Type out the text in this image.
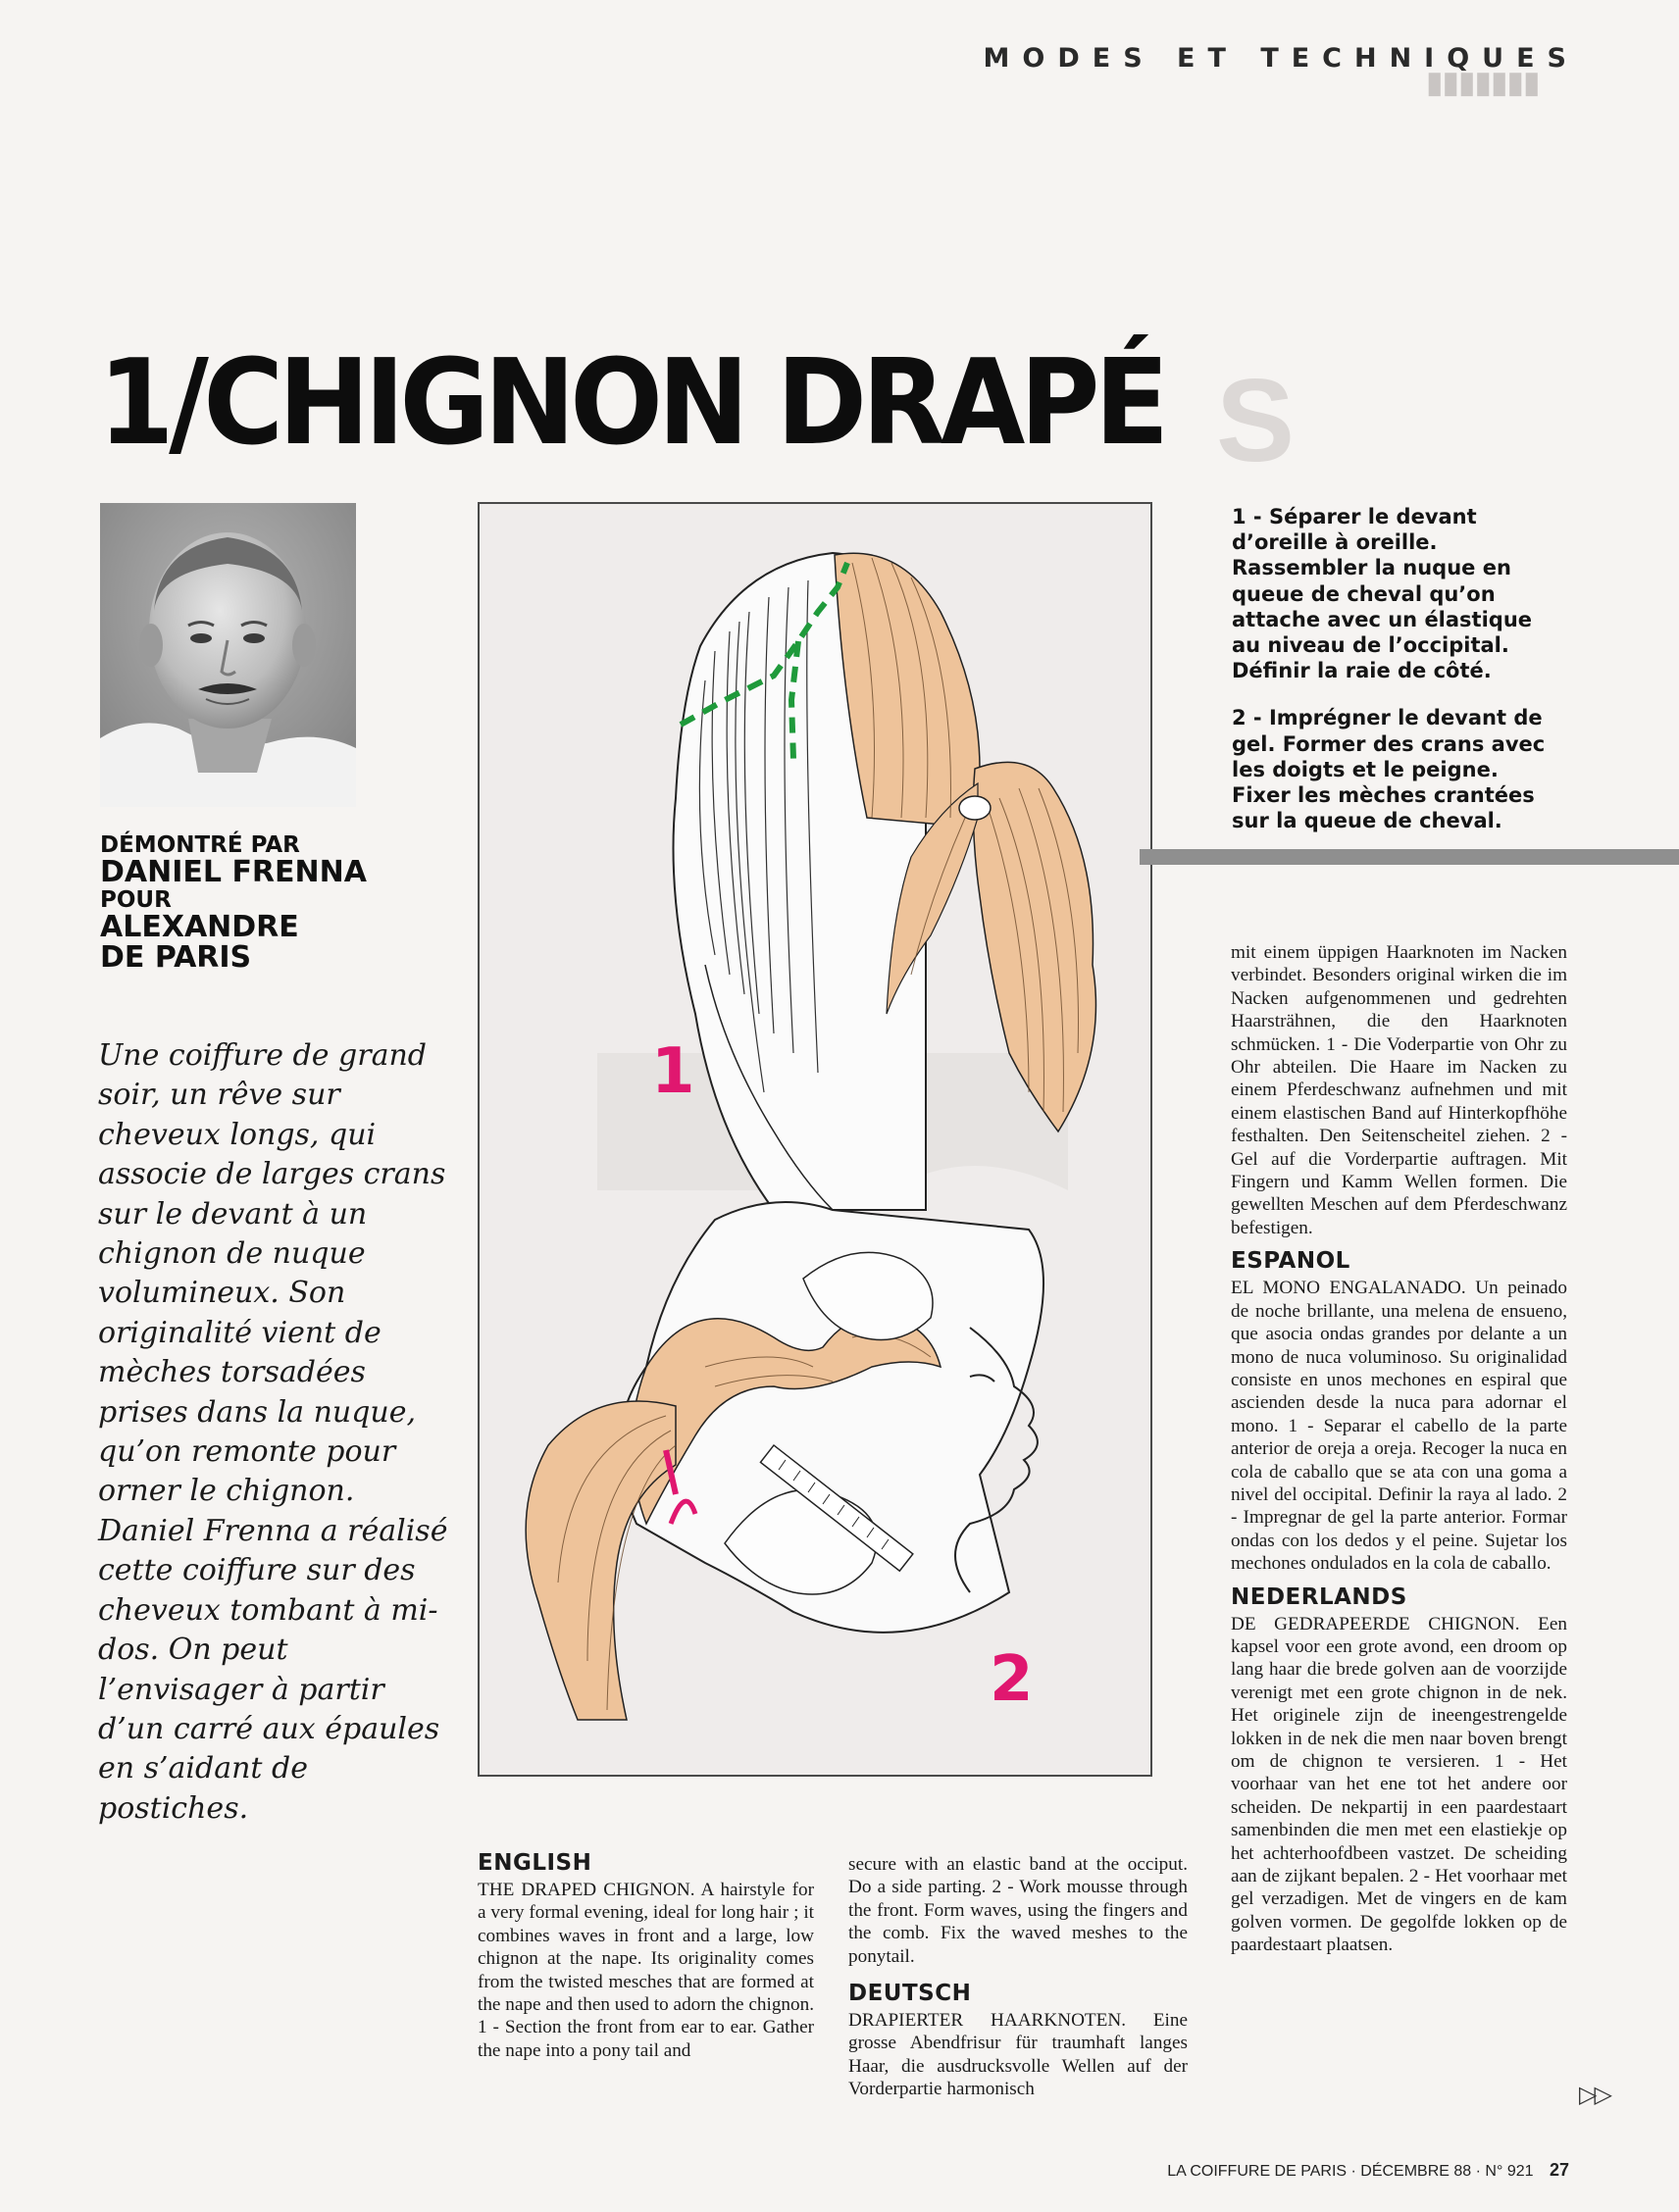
▮▮▮▮▮▮▮
S
MODES ET TECHNIQUES
1/CHIGNON DRAPÉ
DÉMONTRÉ PAR
DANIEL FRENNA
POUR
ALEXANDRE
DE PARIS
Une coiffure de grand soir, un rêve sur cheveux longs, qui associe de larges crans sur le devant à un chignon de nuque volumineux. Son originalité vient de mèches torsadées prises dans la nuque, qu’on remonte pour orner le chignon. Daniel Frenna a réalisé cette coiffure sur des cheveux tombant à mi-dos. On peut l’envisager à partir d’un carré aux épaules en s’aidant de postiches.
1
2

1 - Séparer le devant d’oreille à oreille. Rassembler la nuque en queue de cheval qu’on attache avec un élastique au niveau de l’occipital. Définir la raie de côté.

2 - Imprégner le devant de gel. Former des crans avec les doigts et le peigne. Fixer les mèches crantées sur la queue de cheval.

mit einem üppigen Haarknoten im Nacken verbindet. Besonders original wirken die im Nacken aufgenommenen und gedrehten Haarsträhnen, die den Haarknoten schmücken. 1 - Die Voderpartie von Ohr zu Ohr abteilen. Die Haare im Nacken zu einem Pferdeschwanz aufnehmen und mit einem elastischen Band auf Hinterkopfhöhe festhalten. Den Seitenscheitel ziehen. 2 - Gel auf die Vorderpartie auftragen. Mit Fingern und Kamm Wellen formen. Die gewellten Meschen auf dem Pferdeschwanz befestigen.

ESPANOL

EL MONO ENGALANADO. Un peinado de noche brillante, una melena de ensueno, que asocia ondas grandes por delante a un mono de nuca voluminoso. Su originalidad consiste en unos mechones en espiral que ascienden desde la nuca para adornar el mono. 1 - Separar el cabello de la parte anterior de oreja a oreja. Recoger la nuca en cola de caballo que se ata con una goma a nivel del occipital. Definir la raya al lado. 2 - Impregnar de gel la parte anterior. Formar ondas con los dedos y el peine. Sujetar los mechones ondulados en la cola de caballo.

NEDERLANDS

DE GEDRAPEERDE CHIGNON. Een kapsel voor een grote avond, een droom op lang haar die brede golven aan de voorzijde verenigt met een grote chignon in de nek. Het originele zijn de ineengestrengelde lokken in de nek die men naar boven brengt om de chignon te versieren. 1 - Het voorhaar van het ene tot het andere oor scheiden. De nekpartij in een paardestaart samenbinden die men met een elastiekje op het achterhoofdbeen vastzet. De scheiding aan de zijkant bepalen. 2 - Het voorhaar met gel verzadigen. Met de vingers en de kam golven vormen. De gegolfde lokken op de paardestaart plaatsen.

ENGLISH

THE DRAPED CHIGNON. A hairstyle for a very formal evening, ideal for long hair ; it combines waves in front and a large, low chignon at the nape. Its originality comes from the twisted mesches that are formed at the nape and then used to adorn the chignon. 1 - Section the front from ear to ear. Gather the nape into a pony tail and

secure with an elastic band at the occiput. Do a side parting. 2 - Work mousse through the front. Form waves, using the fingers and the comb. Fix the waved meshes to the ponytail.

DEUTSCH

DRAPIERTER HAARKNOTEN. Eine grosse Abendfrisur für traumhaft langes Haar, die ausdrucksvolle Wellen auf der Vorderpartie harmonisch	▷▷
LA COIFFURE DE PARIS · DÉCEMBRE 88 · N° 921 27
